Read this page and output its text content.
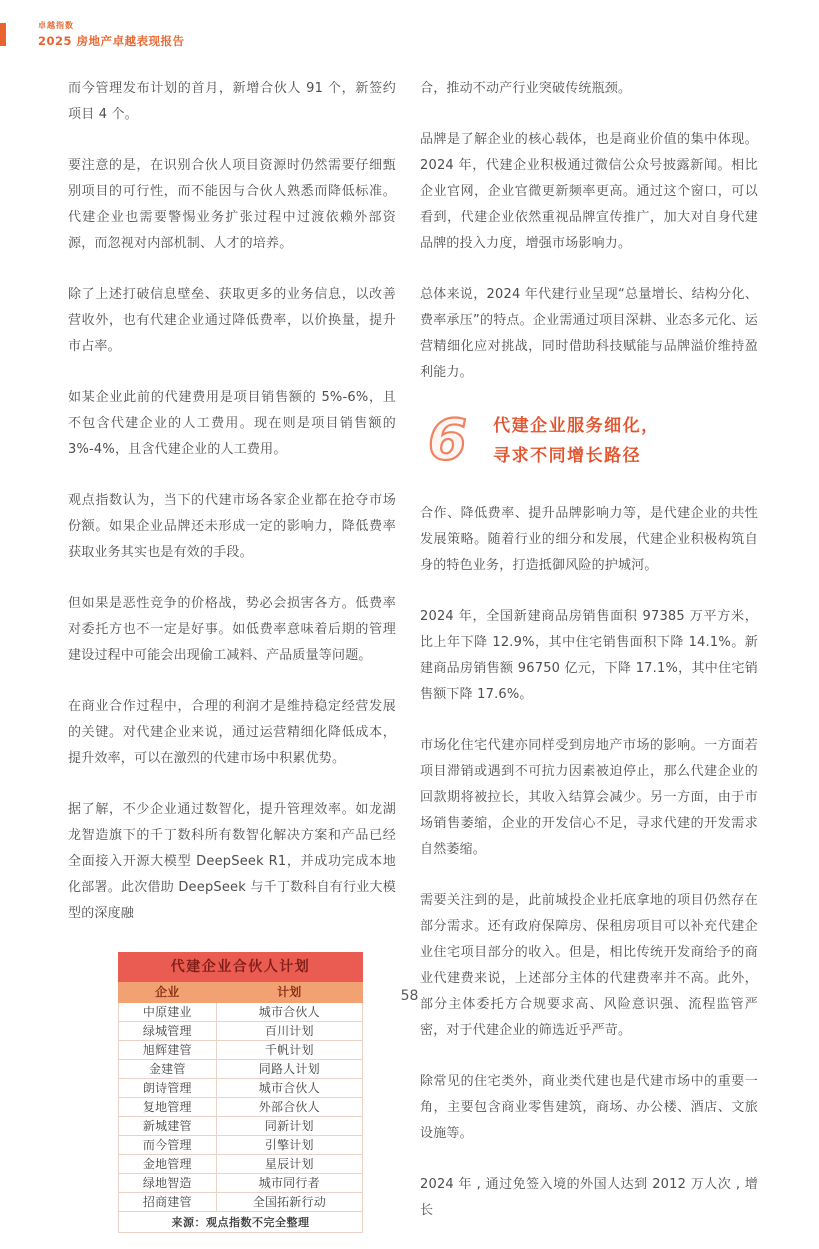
卓越指数
2025 房地产卓越表现报告

而今管理发布计划的首月，新增合伙人 91 个，新签约项目 4 个。

要注意的是，在识别合伙人项目资源时仍然需要仔细甄别项目的可行性，而不能因与合伙人熟悉而降低标准。代建企业也需要警惕业务扩张过程中过渡依赖外部资源，而忽视对内部机制、人才的培养。

除了上述打破信息壁垒、获取更多的业务信息，以改善营收外，也有代建企业通过降低费率，以价换量，提升市占率。

如某企业此前的代建费用是项目销售额的 5%-6%，且不包含代建企业的人工费用。现在则是项目销售额的 3%-4%，且含代建企业的人工费用。

观点指数认为，当下的代建市场各家企业都在抢夺市场份额。如果企业品牌还未形成一定的影响力，降低费率获取业务其实也是有效的手段。

但如果是恶性竞争的价格战，势必会损害各方。低费率对委托方也不一定是好事。如低费率意味着后期的管理建设过程中可能会出现偷工减料、产品质量等问题。

在商业合作过程中，合理的利润才是维持稳定经营发展的关键。对代建企业来说，通过运营精细化降低成本，提升效率，可以在激烈的代建市场中积累优势。

据了解，不少企业通过数智化，提升管理效率。如龙湖龙智造旗下的千丁数科所有数智化解决方案和产品已经全面接入开源大模型 DeepSeek R1，并成功完成本地化部署。此次借助 DeepSeek 与千丁数科自有行业大模型的深度融

代建企业合伙人计划
企业	计划
中原建业	城市合伙人
绿城管理	百川计划
旭辉建管	千帆计划
金建管	同路人计划
朗诗管理	城市合伙人
复地管理	外部合伙人
新城建管	同新计划
而今管理	引擎计划
金地管理	星辰计划
绿地智造	城市同行者
招商建管	全国拓新行动
来源：观点指数不完全整理	

合，推动不动产行业突破传统瓶颈。

品牌是了解企业的核心载体，也是商业价值的集中体现。2024 年，代建企业积极通过微信公众号披露新闻。相比企业官网，企业官微更新频率更高。通过这个窗口，可以看到，代建企业依然重视品牌宣传推广，加大对自身代建品牌的投入力度，增强市场影响力。

总体来说，2024 年代建行业呈现“总量增长、结构分化、费率承压”的特点。企业需通过项目深耕、业态多元化、运营精细化应对挑战，同时借助科技赋能与品牌溢价维持盈利能力。

6 代建企业服务细化，
寻求不同增长路径

合作、降低费率、提升品牌影响力等，是代建企业的共性发展策略。随着行业的细分和发展，代建企业积极构筑自身的特色业务，打造抵御风险的护城河。

2024 年，全国新建商品房销售面积 97385 万平方米，比上年下降 12.9%，其中住宅销售面积下降 14.1%。新建商品房销售额 96750 亿元，下降 17.1%，其中住宅销售额下降 17.6%。

市场化住宅代建亦同样受到房地产市场的影响。一方面若项目滞销或遇到不可抗力因素被迫停止，那么代建企业的回款期将被拉长，其收入结算会减少。另一方面，由于市场销售萎缩，企业的开发信心不足，寻求代建的开发需求自然萎缩。

需要关注到的是，此前城投企业托底拿地的项目仍然存在部分需求。还有政府保障房、保租房项目可以补充代建企业住宅项目部分的收入。但是，相比传统开发商给予的商业代建费来说，上述部分主体的代建费率并不高。此外，部分主体委托方合规要求高、风险意识强、流程监管严密，对于代建企业的筛选近乎严苛。

除常见的住宅类外，商业类代建也是代建市场中的重要一角，主要包含商业零售建筑，商场、办公楼、酒店、文旅设施等。

2024 年 , 通过免签入境的外国人达到 2012 万人次 , 增长

58
